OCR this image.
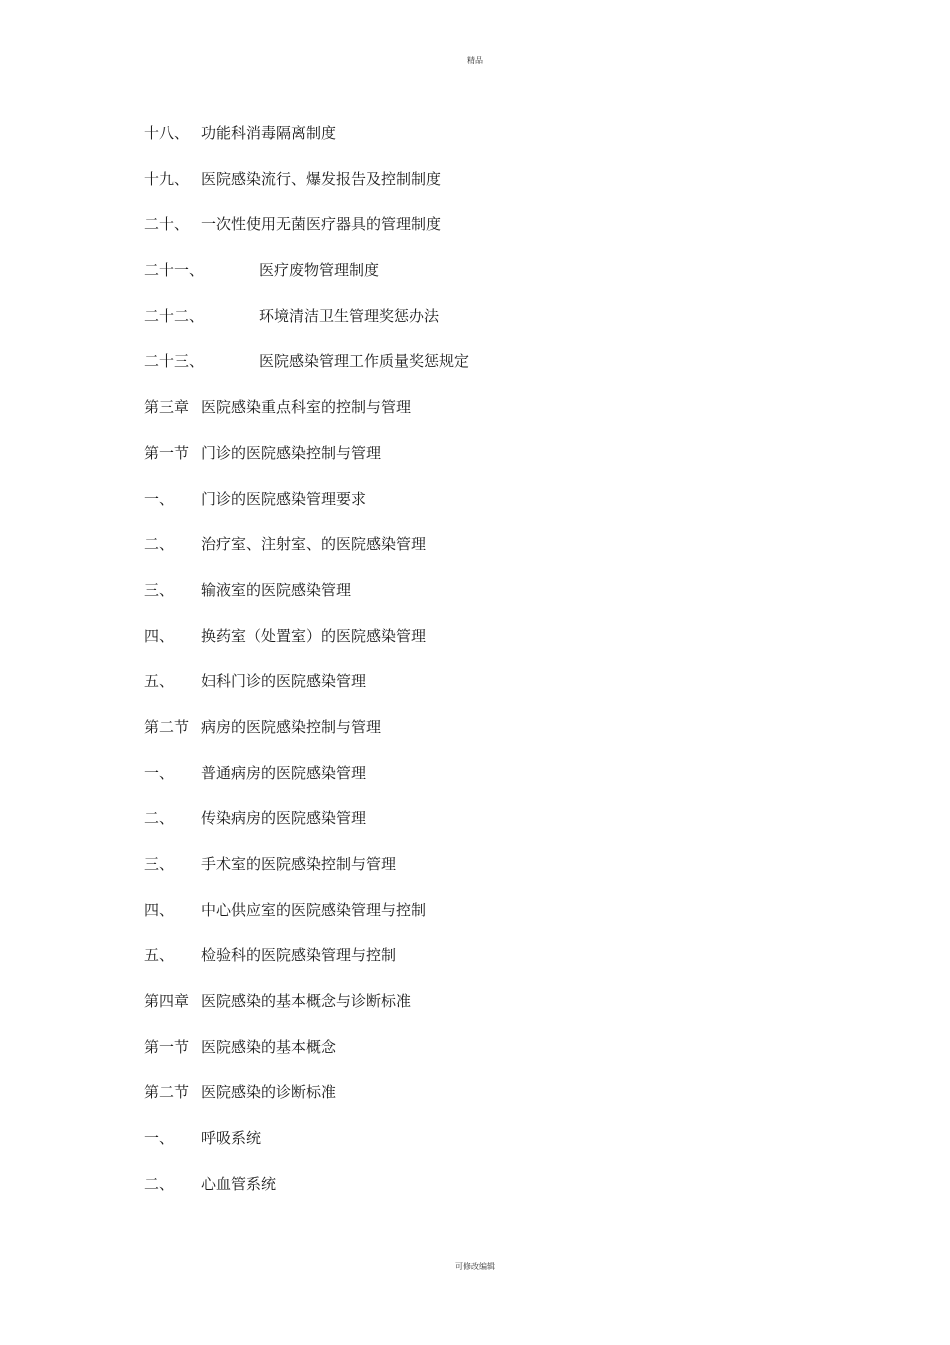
精品
十八、 功能科消毒隔离制度
十九、 医院感染流行、爆发报告及控制制度
二十、 一次性使用无菌医疗器具的管理制度
二十一、	医疗废物管理制度
二十二、	环境清洁卫生管理奖惩办法
二十三、	医院感染管理工作质量奖惩规定
第三章 医院感染重点科室的控制与管理
第一节 门诊的医院感染控制与管理
一、 门诊的医院感染管理要求
二、 治疗室、注射室、的医院感染管理
三、 输液室的医院感染管理
四、 换药室（处置室）的医院感染管理
五、 妇科门诊的医院感染管理
第二节 病房的医院感染控制与管理
一、 普通病房的医院感染管理
二、 传染病房的医院感染管理
三、 手术室的医院感染控制与管理
四、 中心供应室的医院感染管理与控制
五、 检验科的医院感染管理与控制
第四章 医院感染的基本概念与诊断标准
第一节 医院感染的基本概念
第二节 医院感染的诊断标准
一、 呼吸系统
二、 心血管系统
可修改编辑
